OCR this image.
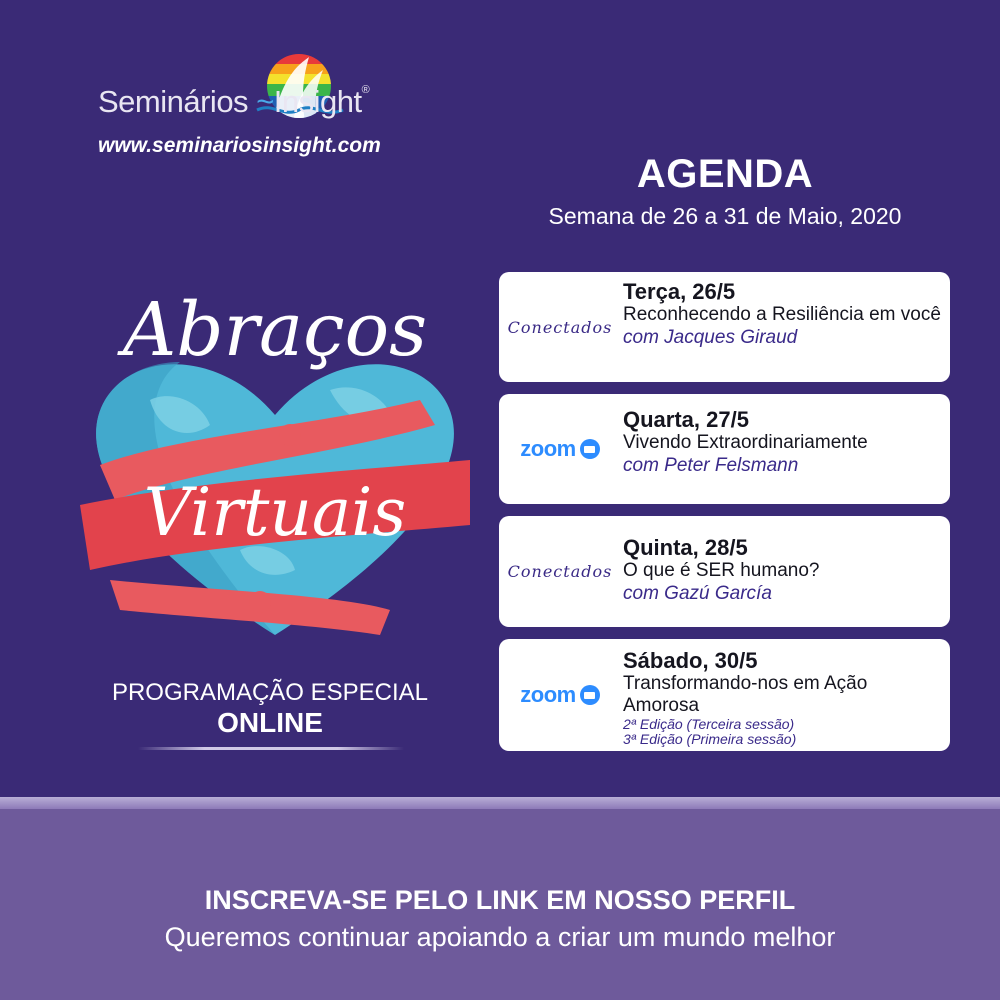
Seminários ~Insight®
www.seminariosinsight.com
AGENDA
Semana de 26 a 31 de Maio, 2020
Abraços
Virtuais
PROGRAMAÇÃO ESPECIAL
ONLINE
Conectados
Terça, 26/5
Reconhecendo a Resiliência em você
com Jacques Giraud
zoom
Quarta, 27/5
Vivendo Extraordinariamente
com Peter Felsmann
Conectados
Quinta, 28/5
O que é SER humano?
com Gazú García
zoom
Sábado, 30/5
Transformando-nos em Ação Amorosa
2ª Edição (Terceira sessão)
3ª Edição (Primeira sessão)
INSCREVA-SE PELO LINK EM NOSSO PERFIL
Queremos continuar apoiando a criar um mundo melhor
